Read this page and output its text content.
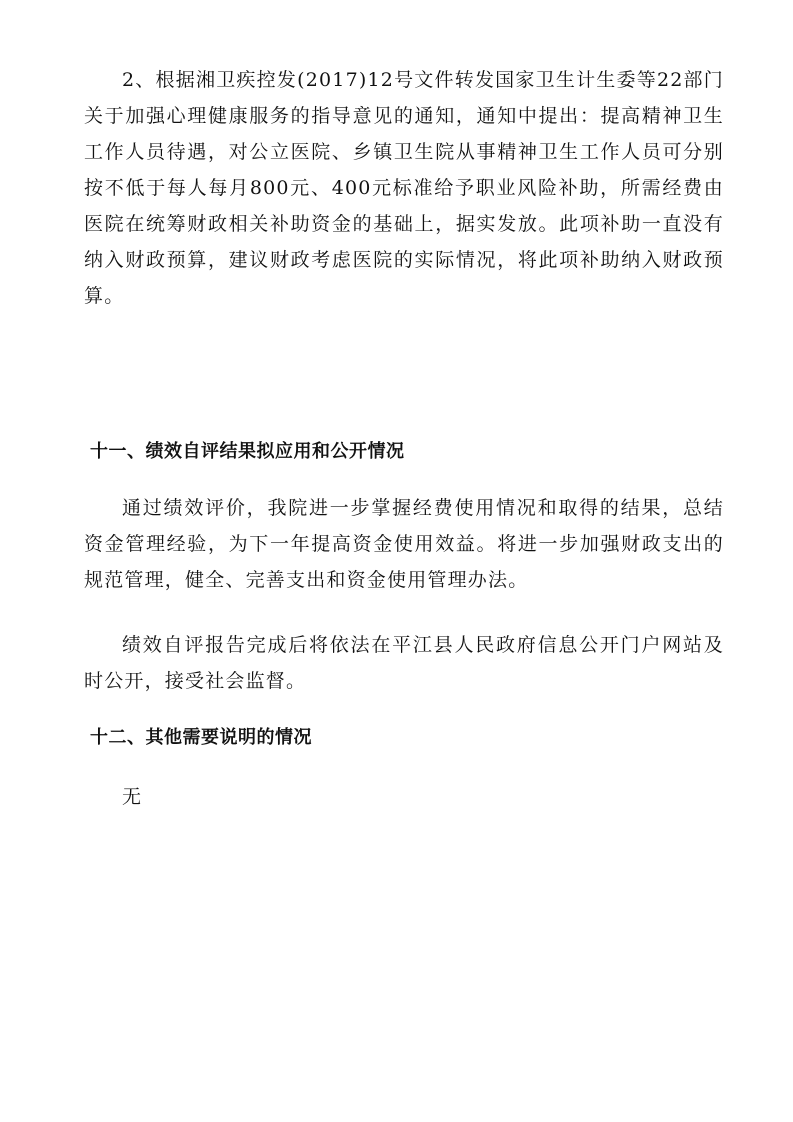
2、根据湘卫疾控发(2017)12号文件转发国家卫生计生委等22部门关于加强心理健康服务的指导意见的通知，通知中提出：提高精神卫生工作人员待遇，对公立医院、乡镇卫生院从事精神卫生工作人员可分别按不低于每人每月800元、400元标准给予职业风险补助，所需经费由医院在统筹财政相关补助资金的基础上，据实发放。此项补助一直没有纳入财政预算，建议财政考虑医院的实际情况，将此项补助纳入财政预算。

十一、绩效自评结果拟应用和公开情况

通过绩效评价，我院进一步掌握经费使用情况和取得的结果，总结资金管理经验，为下一年提高资金使用效益。将进一步加强财政支出的规范管理，健全、完善支出和资金使用管理办法。

绩效自评报告完成后将依法在平江县人民政府信息公开门户网站及时公开，接受社会监督。

十二、其他需要说明的情况

无
